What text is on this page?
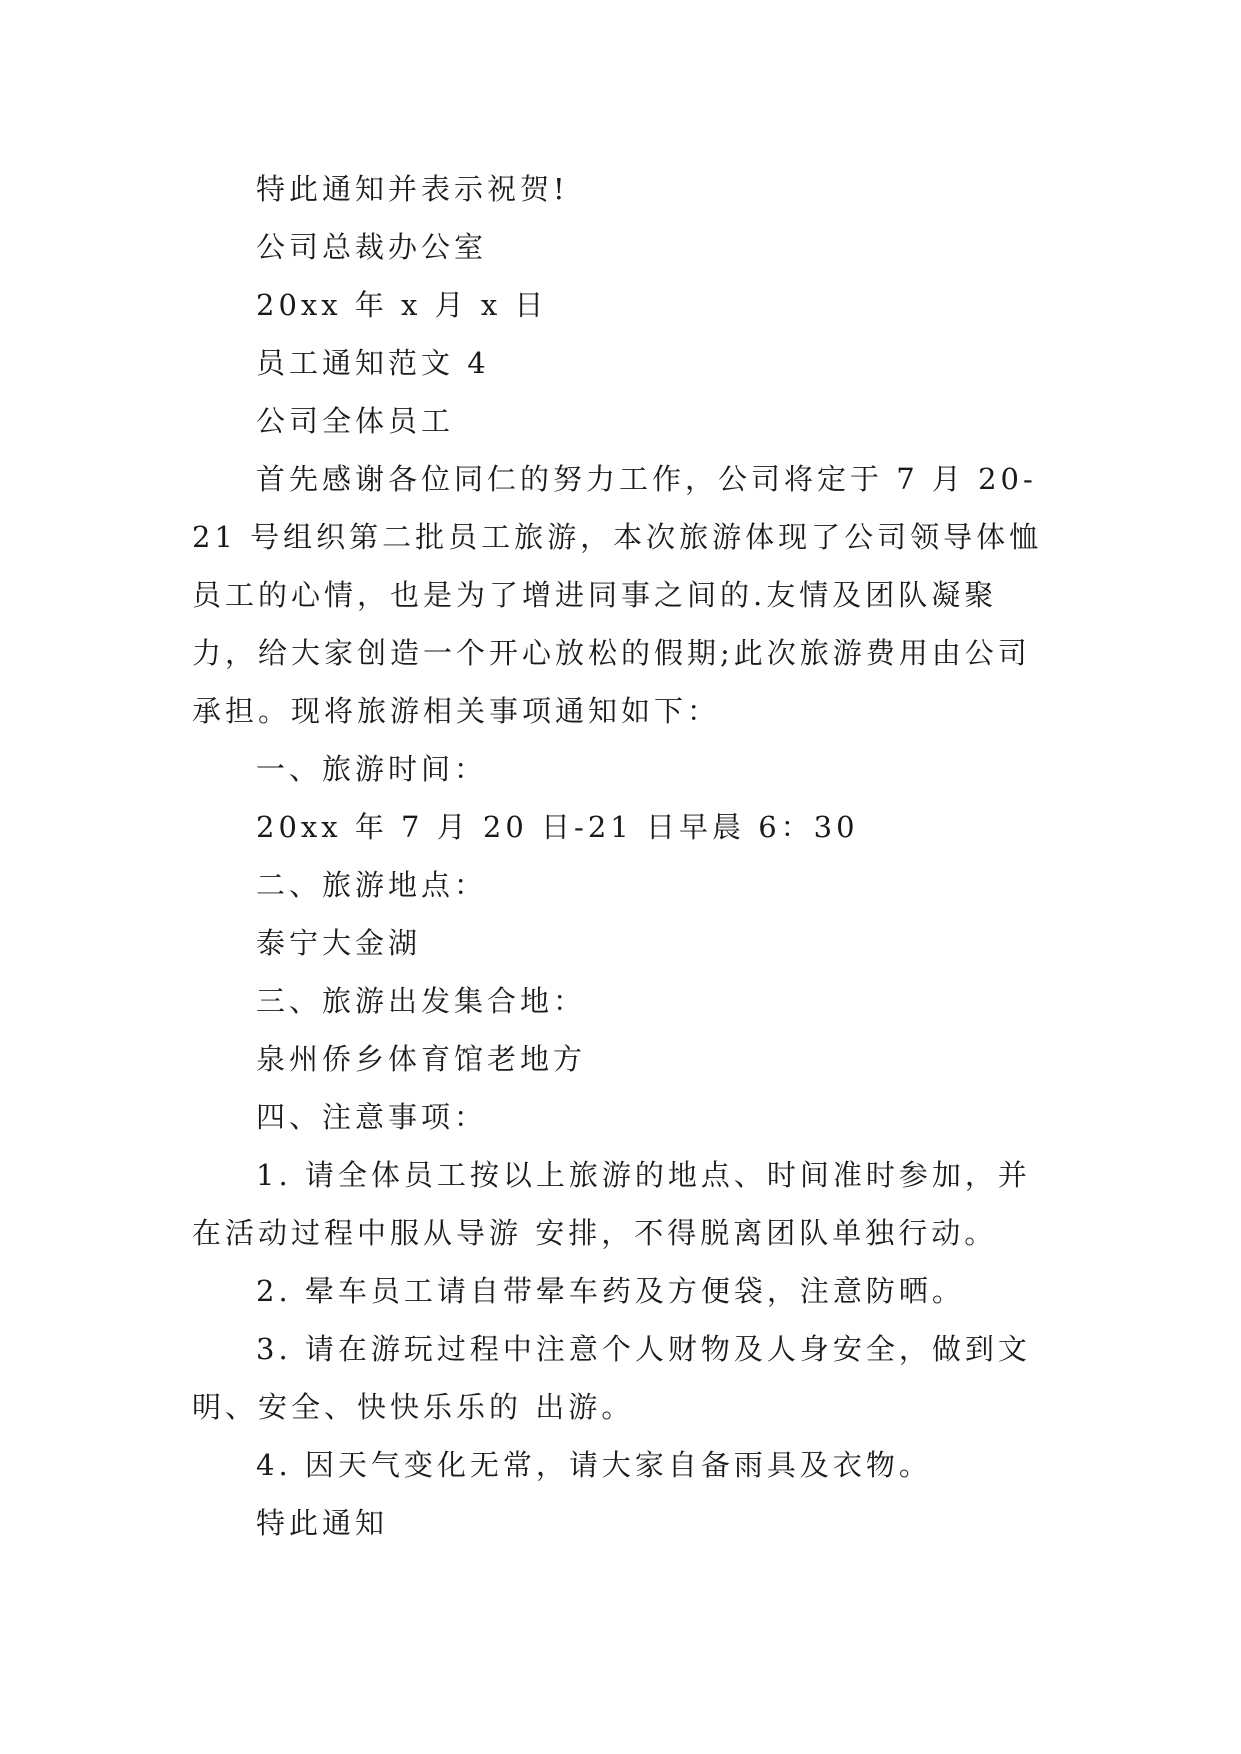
特此通知并表示祝贺!

公司总裁办公室

20xx 年 x 月 x 日

员工通知范文 4

公司全体员工

首先感谢各位同仁的努力工作，公司将定于 7 月 20-21 号组织第二批员工旅游，本次旅游体现了公司领导体恤员工的心情，也是为了增进同事之间的.友情及团队凝聚力，给大家创造一个开心放松的假期;此次旅游费用由公司承担。现将旅游相关事项通知如下：

一、旅游时间：

20xx 年 7 月 20 日-21 日早晨 6：30

二、旅游地点：

泰宁大金湖

三、旅游出发集合地：

泉州侨乡体育馆老地方

四、注意事项：

1. 请全体员工按以上旅游的地点、时间准时参加，并在活动过程中服从导游 安排，不得脱离团队单独行动。

2. 晕车员工请自带晕车药及方便袋，注意防晒。

3. 请在游玩过程中注意个人财物及人身安全，做到文明、安全、快快乐乐的 出游。

4. 因天气变化无常，请大家自备雨具及衣物。

特此通知
